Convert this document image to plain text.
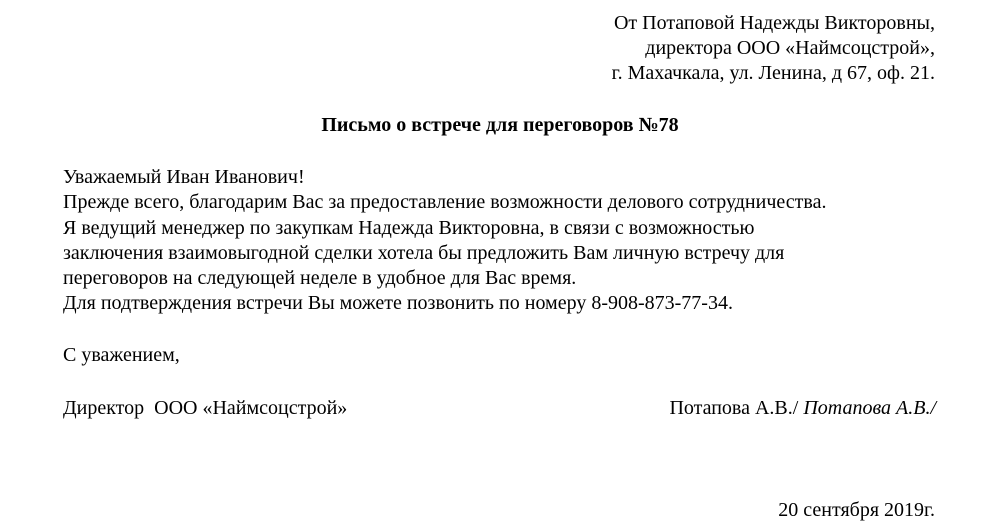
От Потаповой Надежды Викторовны,
директора ООО «Наймсоцстрой»,
г. Махачкала, ул. Ленина, д 67, оф. 21.
Письмо о встрече для переговоров №78
Уважаемый Иван Иванович!
Прежде всего, благодарим Вас за предоставление возможности делового сотрудничества.
Я ведущий менеджер по закупкам Надежда Викторовна, в связи с возможностью
заключения взаимовыгодной сделки хотела бы предложить Вам личную встречу для
переговоров на следующей неделе в удобное для Вас время.
Для подтверждения встречи Вы можете позвонить по номеру 8-908-873-77-34.
С уважением,
Директор  ООО «Наймсоцстрой»	Потапова А.В./ Потапова А.В./
20 сентября 2019г.
